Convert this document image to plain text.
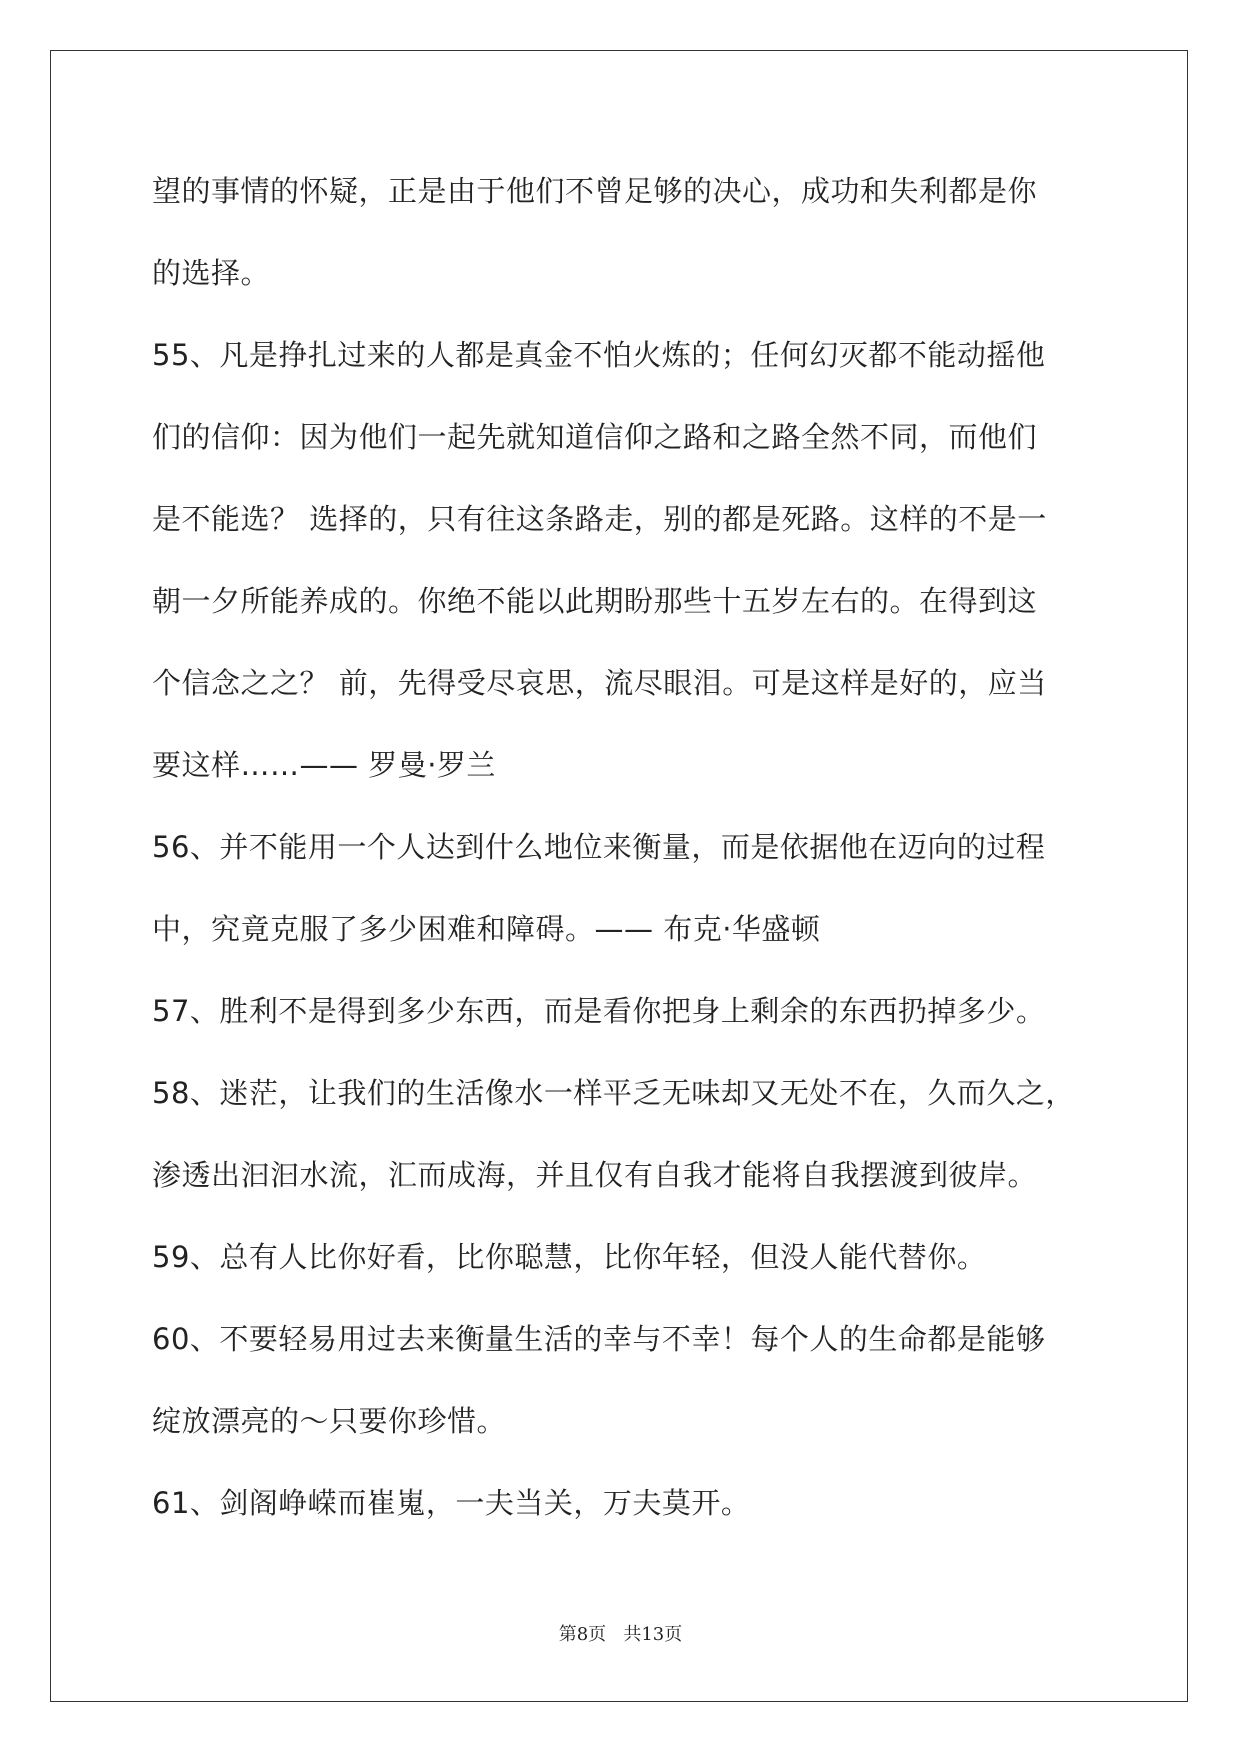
望的事情的怀疑，正是由于他们不曾足够的决心，成功和失利都是你
的选择。
55、凡是挣扎过来的人都是真金不怕火炼的；任何幻灭都不能动摇他
们的信仰：因为他们一起先就知道信仰之路和之路全然不同，而他们
是不能选？ 选择的，只有往这条路走，别的都是死路。这样的不是一
朝一夕所能养成的。你绝不能以此期盼那些十五岁左右的。在得到这
个信念之之？ 前，先得受尽哀思，流尽眼泪。可是这样是好的，应当
要这样……—— 罗曼·罗兰
56、并不能用一个人达到什么地位来衡量，而是依据他在迈向的过程
中，究竟克服了多少困难和障碍。—— 布克·华盛顿
57、胜利不是得到多少东西，而是看你把身上剩余的东西扔掉多少。
58、迷茫，让我们的生活像水一样平乏无味却又无处不在，久而久之，
渗透出汩汩水流，汇而成海，并且仅有自我才能将自我摆渡到彼岸。
59、总有人比你好看，比你聪慧，比你年轻，但没人能代替你。
60、不要轻易用过去来衡量生活的幸与不幸！每个人的生命都是能够
绽放漂亮的～只要你珍惜。
61、剑阁峥嵘而崔嵬，一夫当关，万夫莫开。
第8页 共13页
